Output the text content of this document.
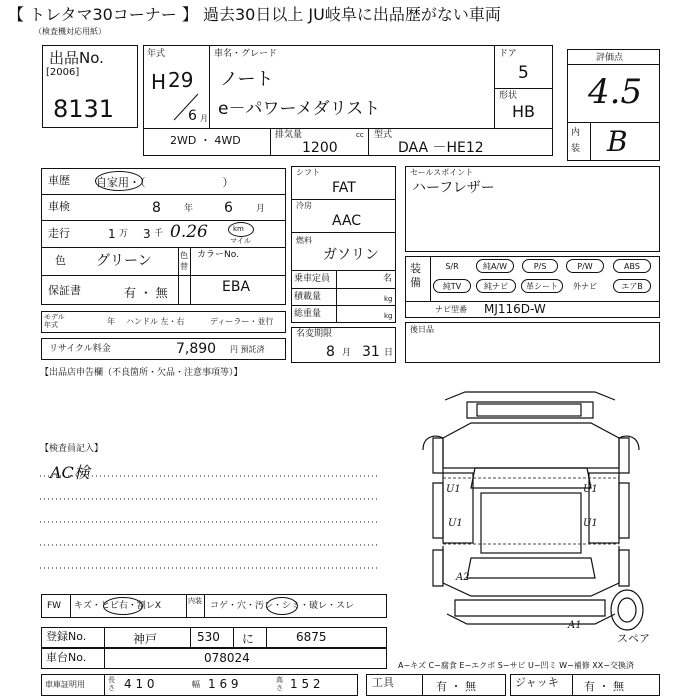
【 トレタマ30コーナー 】 過去30日以上 JU岐阜に出品歴がない車両
（検査機対応用紙）
出品No.
[2006]
8131
年式
H 29
6 月
車名・グレード
ノート
e－パワーメダリスト
ドア
5
形状
HB
評価点
4.5
内
装 B
2WD ・ 4WD	排気量	cc
1200
型式
DAA －HE12
車歴 自家用・（　　　　　　　）
車検	8	年 6	月
走行	1 万 3 千 0.26	km
マイル
色 グリーン	色替
カラーNo.
EBA
保証書	有 ・ 無
モデル年式	年 ハンドル 左・右	ディーラー・並行
リサイクル料金	7,890 円 預託済
シフト
FAT
冷房
AAC
燃料
ガソリン
乗車定員	名
積載量	kg
総重量	kg
名変期限
8 月 31 日
セールスポイント
ハーフレザー
装備
S/R	純A/W	P/S	P/W	ABS
純TV	純ナビ	革シート	外ナビ	エアB
ナビ型番 MJ116D-W
後日品
【出品店申告欄（不良箇所・欠品・注意事項等）】
【検査員記入】
AC検
U1
U1
U1
U1
A2
A1
スペア
FW キズ・ヒビ右・割レX	内装 コゲ・穴・汚レ・シミ・破レ・スレ
登録No.	神戸	530 に	6875
車台No.	078024
A−キズ C−腐食 E−エクボ S−サビ U−凹ミ W−補修 XX−交換済
車庫証明用	長さ 4 1 0	幅 1 6 9	高さ 1 5 2	工具	有 ・ 無	ジャッキ 有 ・ 無
